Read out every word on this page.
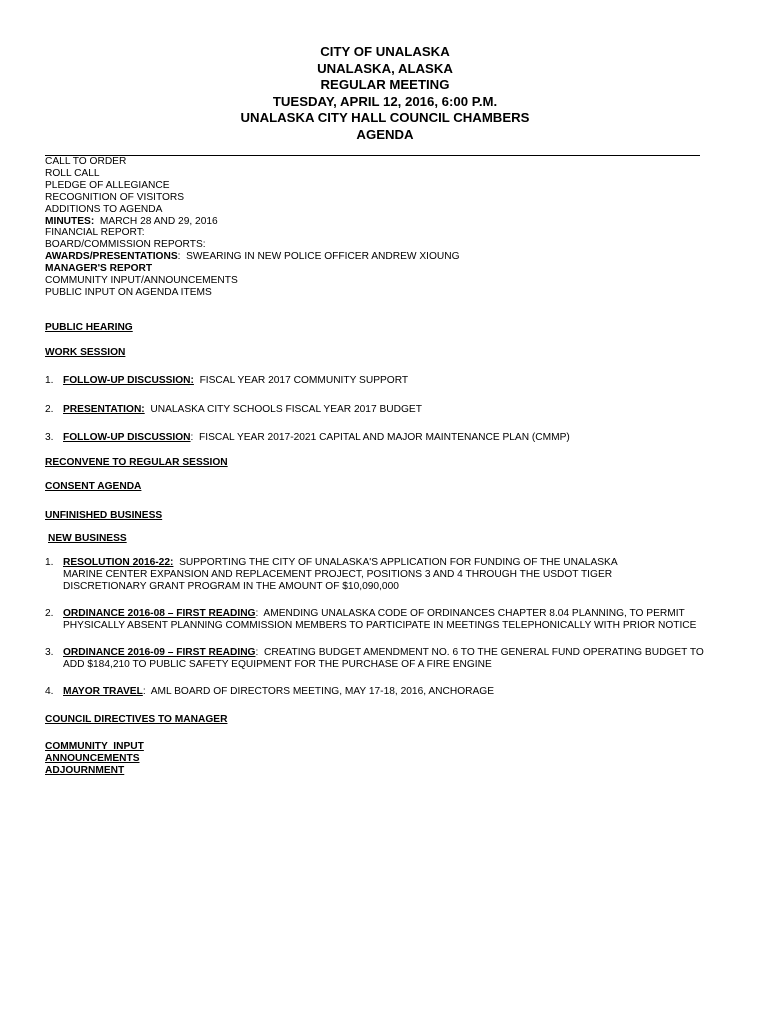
CITY OF UNALASKA
UNALASKA, ALASKA
REGULAR MEETING
TUESDAY, APRIL 12, 2016, 6:00 P.M.
UNALASKA CITY HALL COUNCIL CHAMBERS
AGENDA
CALL TO ORDER
ROLL CALL
PLEDGE OF ALLEGIANCE
RECOGNITION OF VISITORS
ADDITIONS TO AGENDA
MINUTES:  MARCH 28 AND 29, 2016
FINANCIAL REPORT:
BOARD/COMMISSION REPORTS:
AWARDS/PRESENTATIONS:  SWEARING IN NEW POLICE OFFICER ANDREW XIOUNG
MANAGER'S REPORT
COMMUNITY INPUT/ANNOUNCEMENTS
PUBLIC INPUT ON AGENDA ITEMS
PUBLIC HEARING
WORK SESSION
1. FOLLOW-UP DISCUSSION:  FISCAL YEAR 2017 COMMUNITY SUPPORT
2. PRESENTATION:  UNALASKA CITY SCHOOLS FISCAL YEAR 2017 BUDGET
3. FOLLOW-UP DISCUSSION:  FISCAL YEAR 2017-2021 CAPITAL AND MAJOR MAINTENANCE PLAN (CMMP)
RECONVENE TO REGULAR SESSION
CONSENT AGENDA
UNFINISHED BUSINESS
NEW BUSINESS
1. RESOLUTION 2016-22:  SUPPORTING THE CITY OF UNALASKA'S APPLICATION FOR FUNDING OF THE UNALASKA
MARINE CENTER EXPANSION AND REPLACEMENT PROJECT, POSITIONS 3 AND 4 THROUGH THE USDOT TIGER
DISCRETIONARY GRANT PROGRAM IN THE AMOUNT OF $10,090,000
2. ORDINANCE 2016-08 – FIRST READING:  AMENDING UNALASKA CODE OF ORDINANCES CHAPTER 8.04 PLANNING, TO PERMIT
PHYSICALLY ABSENT PLANNING COMMISSION MEMBERS TO PARTICIPATE IN MEETINGS TELEPHONICALLY WITH PRIOR NOTICE
3. ORDINANCE 2016-09 – FIRST READING:  CREATING BUDGET AMENDMENT NO. 6 TO THE GENERAL FUND OPERATING BUDGET TO
ADD $184,210 TO PUBLIC SAFETY EQUIPMENT FOR THE PURCHASE OF A FIRE ENGINE
4. MAYOR TRAVEL:  AML BOARD OF DIRECTORS MEETING, MAY 17-18, 2016, ANCHORAGE
COUNCIL DIRECTIVES TO MANAGER
COMMUNITY  INPUT
ANNOUNCEMENTS
ADJOURNMENT
